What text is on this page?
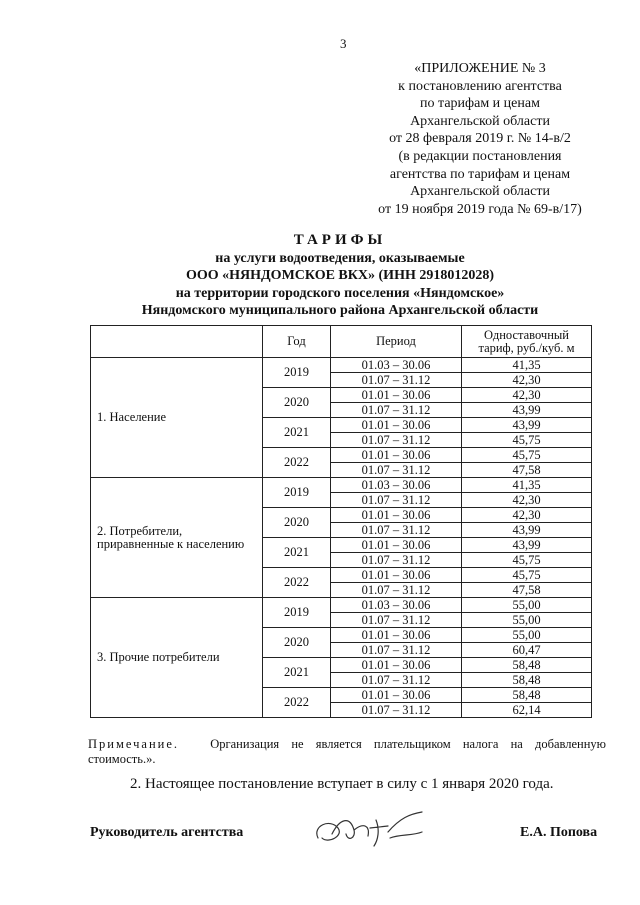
3
«ПРИЛОЖЕНИЕ № 3
к постановлению агентства
по тарифам и ценам
Архангельской области
от 28 февраля 2019 г. № 14-в/2
(в редакции постановления
агентства по тарифам и ценам
Архангельской области
от 19 ноября 2019 года № 69-в/17)
ТАРИФЫ
на услуги водоотведения, оказываемые
ООО «НЯНДОМСКОЕ ВКХ» (ИНН 2918012028)
на территории городского поселения «Няндомское»
Няндомского муниципального района Архангельской области
	Год	Период	Одноставочный тариф, руб./куб. м
1. Население	2019	01.03 – 30.06	41,35
		01.07 – 31.12	42,30
	2020	01.01 – 30.06	42,30
		01.07 – 31.12	43,99
	2021	01.01 – 30.06	43,99
		01.07 – 31.12	45,75
	2022	01.01 – 30.06	45,75
		01.07 – 31.12	47,58
2. Потребители, приравненные к населению	2019	01.03 – 30.06	41,35
		01.07 – 31.12	42,30
	2020	01.01 – 30.06	42,30
		01.07 – 31.12	43,99
	2021	01.01 – 30.06	43,99
		01.07 – 31.12	45,75
	2022	01.01 – 30.06	45,75
		01.07 – 31.12	47,58
3. Прочие потребители	2019	01.03 – 30.06	55,00
		01.07 – 31.12	55,00
	2020	01.01 – 30.06	55,00
		01.07 – 31.12	60,47
	2021	01.01 – 30.06	58,48
		01.07 – 31.12	58,48
	2022	01.01 – 30.06	58,48
		01.07 – 31.12	62,14
Примечание. Организация не является плательщиком налога на добавленную стоимость.».
2. Настоящее постановление вступает в силу с 1 января 2020 года.
Руководитель агентства	Е.А. Попова
